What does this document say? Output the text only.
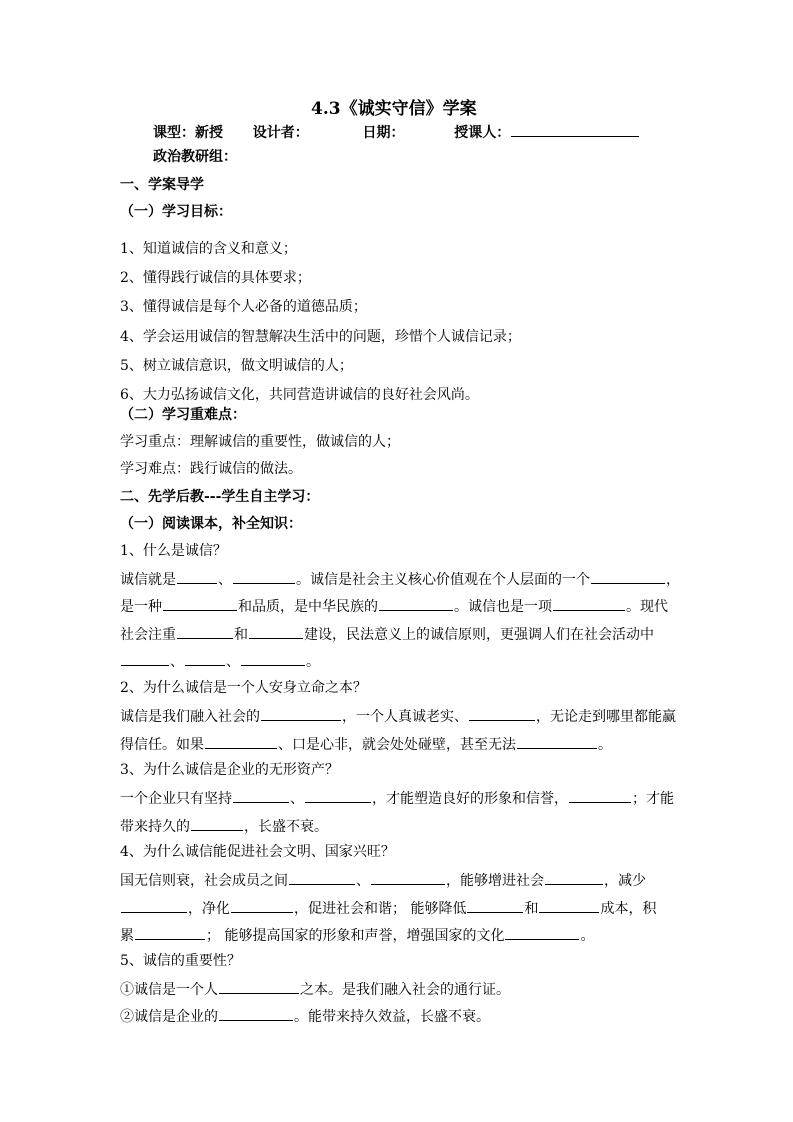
4.3《诚实守信》学案
课型：新授 设计者：	日期：	授课人：
政治教研组：
一、学案导学
（一）学习目标：
1、知道诚信的含义和意义；
2、懂得践行诚信的具体要求；
3、懂得诚信是每个人必备的道德品质；
4、学会运用诚信的智慧解决生活中的问题，珍惜个人诚信记录；
5、树立诚信意识，做文明诚信的人；
6、大力弘扬诚信文化，共同营造讲诚信的良好社会风尚。
（二）学习重难点：
学习重点：理解诚信的重要性，做诚信的人；
学习难点：践行诚信的做法。
二、先学后教---学生自主学习：
（一）阅读课本，补全知识：
1、什么是诚信？
诚信就是	、	。诚信是社会主义核心价值观在个人层面的一个	，
是一种	和品质，是中华民族的	。诚信也是一项	。现代
社会注重	和	建设，民法意义上的诚信原则，更强调人们在社会活动中
、	、	。
2、为什么诚信是一个人安身立命之本？
诚信是我们融入社会的	，一个人真诚老实、	，无论走到哪里都能赢
得信任。如果	、口是心非，就会处处碰壁，甚至无法	。
3、为什么诚信是企业的无形资产？
一个企业只有坚持	、	，才能塑造良好的形象和信誉，	；才能
带来持久的	，长盛不衰。
4、为什么诚信能促进社会文明、国家兴旺？
国无信则衰，社会成员之间	、	，能够增进社会	，减少
，净化	，促进社会和谐； 能够降低	和	成本，积
累	； 能够提高国家的形象和声誉，增强国家的文化	。
5、诚信的重要性？
①诚信是一个人	之本。是我们融入社会的通行证。
②诚信是企业的	。能带来持久效益，长盛不衰。
